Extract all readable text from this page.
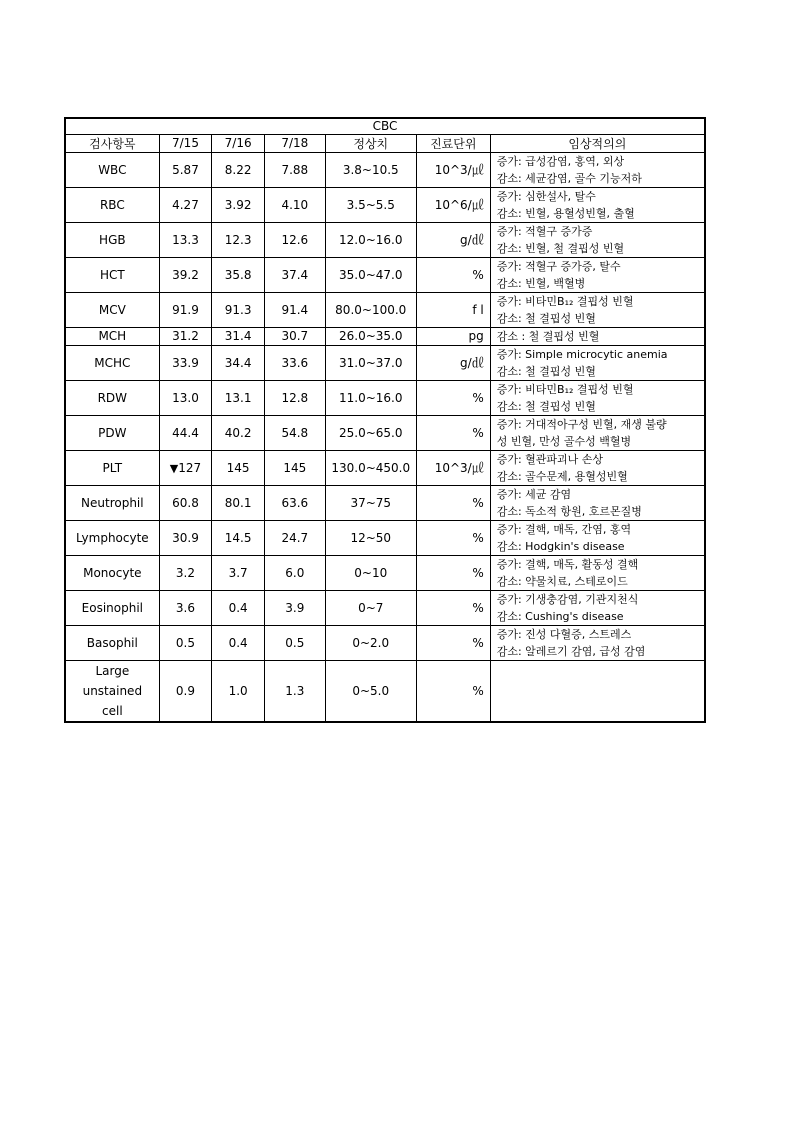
CBC						
검사항목	7/15	7/16	7/18	정상치	진료단위	임상적의의
WBC	5.87	8.22	7.88	3.8~10.5	10^3/㎕	증가: 급성감염, 홍역, 외상
감소: 세균감염, 골수 기능저하

RBC	4.27	3.92	4.10	3.5~5.5	10^6/㎕	증가: 심한설사, 탈수
감소: 빈혈, 용혈성빈혈, 출혈

HGB	13.3	12.3	12.6	12.0~16.0	g/㎗	증가: 적혈구 증가증
감소: 빈혈, 철 결핍성 빈혈

HCT	39.2	35.8	37.4	35.0~47.0	%	증가: 적혈구 증가증, 탈수
감소: 빈혈, 백혈병

MCV	91.9	91.3	91.4	80.0~100.0	f l	증가: 비타민B₁₂ 결핍성 빈혈
감소: 철 결핍성 빈혈

MCH	31.2	31.4	30.7	26.0~35.0	pg	감소 : 철 결핍성 빈혈

MCHC	33.9	34.4	33.6	31.0~37.0	g/㎗	증가: Simple microcytic anemia
감소: 철 결핍성 빈혈

RDW	13.0	13.1	12.8	11.0~16.0	%	증가: 비타민B₁₂ 결핍성 빈혈
감소: 철 결핍성 빈혈

PDW	44.4	40.2	54.8	25.0~65.0	%	증가: 거대적아구성 빈혈, 재생 불량
성 빈혈, 만성 골수성 백혈병

PLT	▼127	145	145	130.0~450.0	10^3/㎕	증가: 혈관파괴나 손상
감소: 골수문제, 용혈성빈혈

Neutrophil	60.8	80.1	63.6	37~75	%	증가: 세균 감염
감소: 독소적 항원, 호르몬질병

Lymphocyte	30.9	14.5	24.7	12~50	%	증가: 결핵, 매독, 간염, 홍역
감소: Hodgkin's disease

Monocyte	3.2	3.7	6.0	0~10	%	증가: 결핵, 매독, 활동성 결핵
감소: 약물치료, 스테로이드

Eosinophil	3.6	0.4	3.9	0~7	%	증가: 기생충감염, 기관지천식
감소: Cushing's disease

Basophil	0.5	0.4	0.5	0~2.0	%	증가: 진성 다혈증, 스트레스
감소: 알레르기 감염, 급성 감염

Large
unstained
cell	0.9	1.0	1.3	0~5.0	%	
